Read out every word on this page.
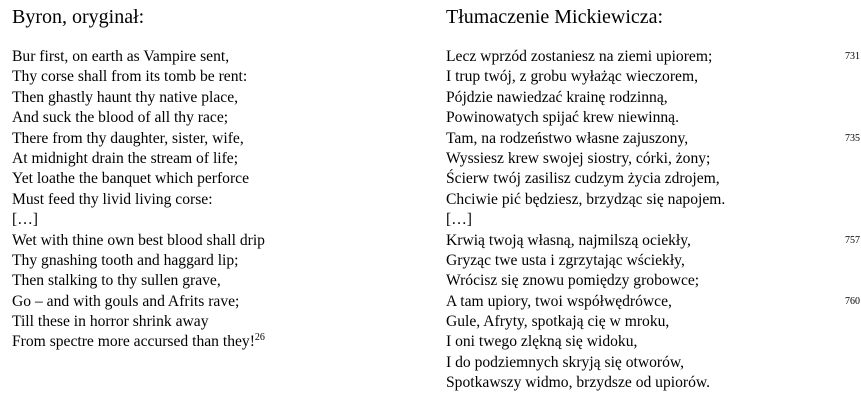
Byron, oryginał:
Bur first, on earth as Vampire sent,
Thy corse shall from its tomb be rent:
Then ghastly haunt thy native place,
And suck the blood of all thy race;
There from thy daughter, sister, wife,
At midnight drain the stream of life;
Yet loathe the banquet which perforce
Must feed thy livid living corse:
[…]
Wet with thine own best blood shall drip
Thy gnashing tooth and haggard lip;
Then stalking to thy sullen grave,
Go – and with gouls and Afrits rave;
Till these in horror shrink away
From spectre more accursed than they!$^{26}$
Tłumaczenie Mickiewicza:
Lecz wprzód zostaniesz na ziemi upiorem;	731
I trup twój, z grobu wyłażąc wieczorem,
Pójdzie nawiedzać krainę rodzinną,
Powinowatych spijać krew niewinną.
Tam, na rodzeństwo własne zajuszony,	735
Wyssiesz krew swojej siostry, córki, żony;
Ścierw twój zasilisz cudzym życia zdrojem,
Chciwie pić będziesz, brzydząc się napojem.
[…]
Krwią twoją własną, najmilszą ociekły,	757
Gryząc twe usta i zgrzytając wściekły,
Wrócisz się znowu pomiędzy grobowce;
A tam upiory, twoi współwędrówce,	760
Gule, Afryty, spotkają cię w mroku,
I oni twego zlękną się widoku,
I do podziemnych skryją się otworów,
Spotkawszy widmo, brzydsze od upiorów.
